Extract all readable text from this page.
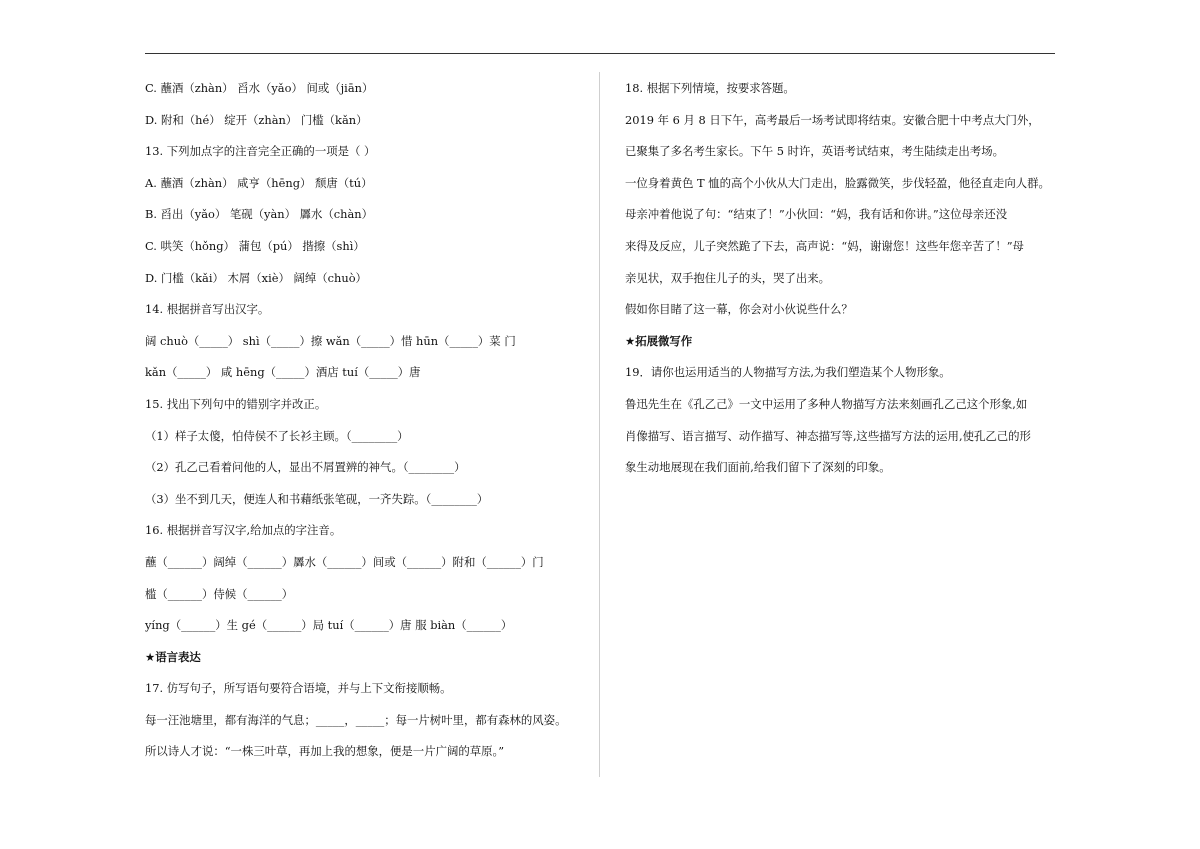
C. 蘸酒（zhàn） 舀水（yǎo） 间或（jiān）
D. 附和（hé） 绽开（zhàn） 门槛（kǎn）
13. 下列加点字的注音完全正确的一项是（ ）
A. 蘸酒（zhàn） 咸亨（hēng） 颓唐（tú）
B. 舀出（yǎo） 笔砚（yàn） 羼水（chàn）
C. 哄笑（hǒng） 蒲包（pú） 揩擦（shì）
D. 门槛（kǎi） 木屑（xiè） 阔绰（chuò）
14. 根据拼音写出汉字。
阔 chuò（_____） shì（_____）擦 wǎn（_____）惜 hūn（_____）菜 门
kǎn（_____） 咸 hēng（_____）酒店 tuí（_____）唐
15. 找出下列句中的错别字并改正。
（1）样子太傻，怕侍侯不了长衫主顾。（________）
（2）孔乙己看着问他的人，显出不屑置辨的神气。（________）
（3）坐不到几天，便连人和书藉纸张笔砚，一齐失踪。（________）
16. 根据拼音写汉字,给加点的字注音。
蘸（______）阔绰（______）羼水（______）间或（______）附和（______）门
槛（______）侍候（______）
yíng（______）生 gé（______）局 tuí（______）唐 服 biàn（______）
★语言表达
17. 仿写句子，所写语句要符合语境，并与上下文衔接顺畅。
每一汪池塘里，都有海洋的气息；_____，_____；每一片树叶里，都有森林的风姿。
所以诗人才说：“一株三叶草，再加上我的想象，便是一片广阔的草原。”
18. 根据下列情境，按要求答题。
2019 年 6 月 8 日下午，高考最后一场考试即将结束。安徽合肥十中考点大门外，
已聚集了多名考生家长。下午 5 时许，英语考试结束，考生陆续走出考场。
一位身着黄色 T 恤的高个小伙从大门走出，脸露微笑，步伐轻盈，他径直走向人群。
母亲冲着他说了句：“结束了！”小伙回：“妈，我有话和你讲。”这位母亲还没
来得及反应，儿子突然跪了下去，高声说：“妈，谢谢您！这些年您辛苦了！”母
亲见状，双手抱住儿子的头，哭了出来。
假如你目睹了这一幕，你会对小伙说些什么？
★拓展微写作
19．请你也运用适当的人物描写方法,为我们塑造某个人物形象。
鲁迅先生在《孔乙己》一文中运用了多种人物描写方法来刻画孔乙己这个形象,如
肖像描写、语言描写、动作描写、神态描写等,这些描写方法的运用,使孔乙己的形
象生动地展现在我们面前,给我们留下了深刻的印象。
